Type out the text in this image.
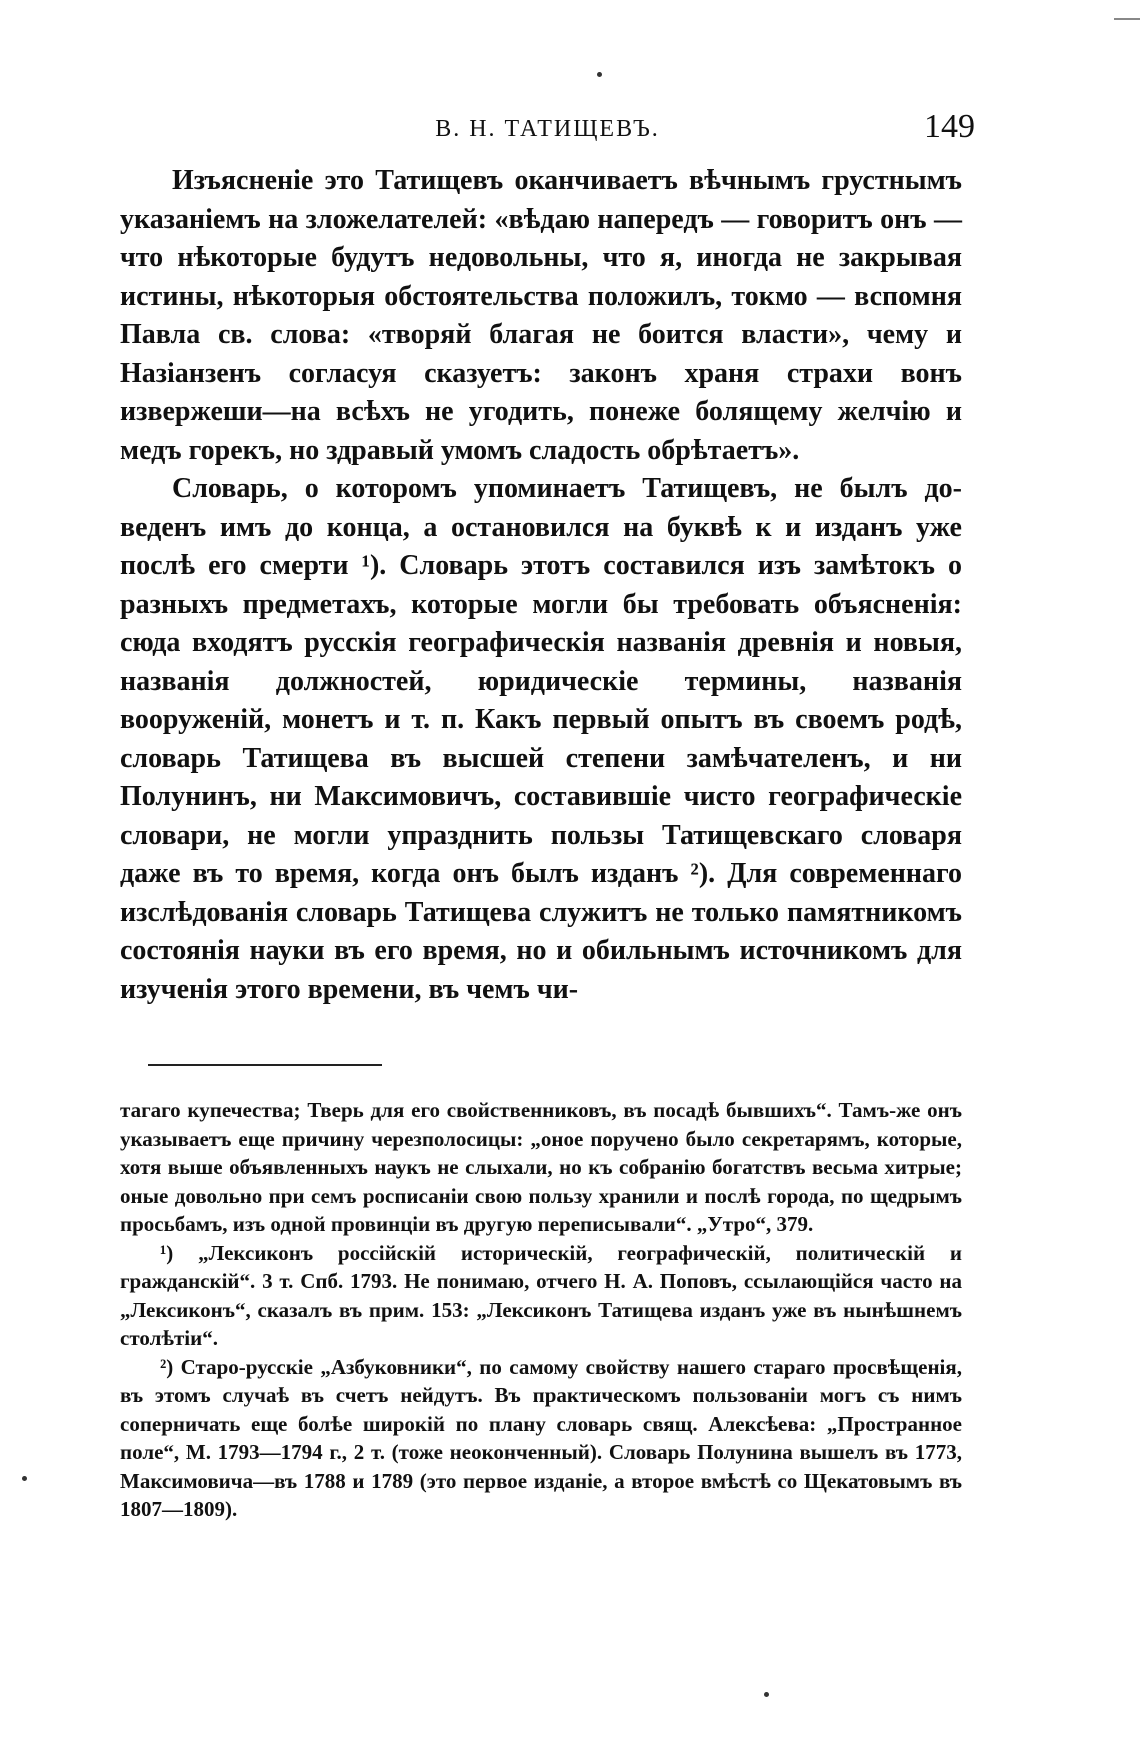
В. Н. ТАТИЩЕВЪ.	149

Изъясненіе это Татищевъ оканчиваетъ вѣчнымъ грустнымъ указаніемъ на зложелателей: «вѣдаю напередъ — говоритъ онъ — что нѣкоторые будутъ недовольны, что я, иногда не закрывая истины, нѣкоторыя обстоятельства положилъ, токмо — вспомня Павла св. слова: «творяй благая не боится власти», чему и Назіанзенъ согласуя сказуетъ: законъ храня страхи вонъ извержеши—на всѣхъ не угодить, понеже болящему желчію и медъ горекъ, но здравый умомъ сладость обрѣтаетъ».

Словарь, о которомъ упоминаетъ Татищевъ, не былъ доведенъ имъ до конца, а остановился на буквѣ к и изданъ уже послѣ его смерти ¹). Словарь этотъ составился изъ замѣтокъ о разныхъ предметахъ, которые могли бы требовать объясненія: сюда входятъ русскія географическія названія древнія и новыя, названія должностей, юридическіе термины, названія вооруженій, монетъ и т. п. Какъ первый опытъ въ своемъ родѣ, словарь Татищева въ высшей степени замѣчателенъ, и ни Полунинъ, ни Максимовичъ, составившіе чисто географическіе словари, не могли упразднить пользы Татищевскаго словаря даже въ то время, когда онъ былъ изданъ ²). Для современнаго изслѣдованія словарь Татищева служитъ не только памятникомъ состоянія науки въ его время, но и обильнымъ источникомъ для изученія этого времени, въ чемъ чи-

тагаго купечества; Тверь для его свойственниковъ, въ посадѣ бывшихъ“. Тамъ-же онъ указываетъ еще причину черезполосицы: „оное поручено было секретарямъ, которые, хотя выше объявленныхъ наукъ не слыхали, но къ собранію богатствъ весьма хитрые; оные довольно при семъ росписаніи свою пользу хранили и послѣ города, по щедрымъ просьбамъ, изъ одной провинціи въ другую переписывали“. „Утро“, 379.

¹) „Лексиконъ россійскій историческій, географическій, политическій и гражданскій“. 3 т. Спб. 1793. Не понимаю, отчего Н. А. Поповъ, ссылающійся часто на „Лексиконъ“, сказалъ въ прим. 153: „Лексиконъ Татищева изданъ уже въ нынѣшнемъ столѣтіи“.

²) Старо-русскіе „Азбуковники“, по самому свойству нашего стараго просвѣщенія, въ этомъ случаѣ въ счетъ нейдутъ. Въ практическомъ пользованіи могъ съ нимъ соперничать еще болѣе широкій по плану словарь свящ. Алексѣева: „Пространное поле“, М. 1793—1794 г., 2 т. (тоже неоконченный). Словарь Полунина вышелъ въ 1773, Максимовича—въ 1788 и 1789 (это первое изданіе, а второе вмѣстѣ со Щекатовымъ въ 1807—1809).
